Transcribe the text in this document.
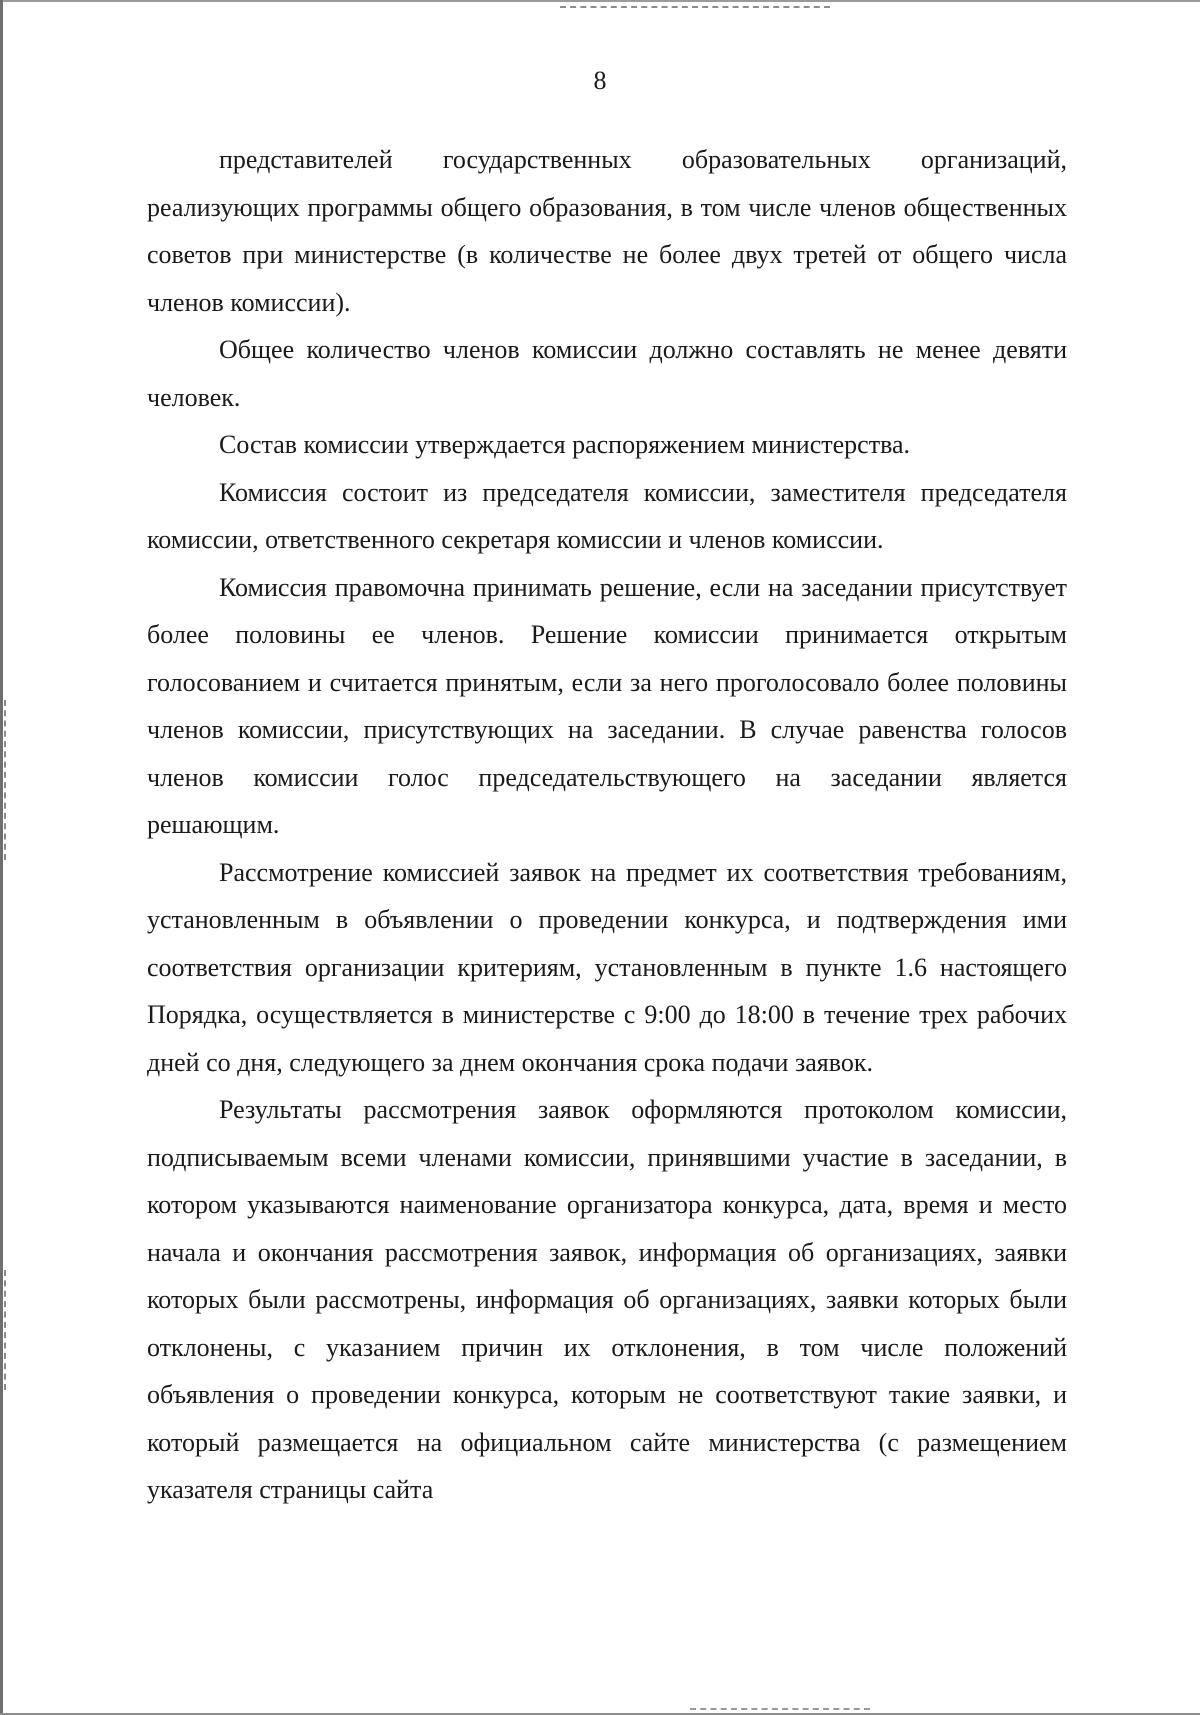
8

представителей государственных образовательных организаций, реализующих программы общего образования, в том числе членов общественных советов при министерстве (в количестве не более двух третей от общего числа членов комиссии).

Общее количество членов комиссии должно составлять не менее девяти человек.

Состав комиссии утверждается распоряжением министерства.

Комиссия состоит из председателя комиссии, заместителя председателя комиссии, ответственного секретаря комиссии и членов комиссии.

Комиссия правомочна принимать решение, если на заседании присутствует более половины ее членов. Решение комиссии принимается открытым голосованием и считается принятым, если за него проголосовало более половины членов комиссии, присутствующих на заседании. В случае равенства голосов членов комиссии голос председательствующего на заседании является решающим.

Рассмотрение комиссией заявок на предмет их соответствия требованиям, установленным в объявлении о проведении конкурса, и подтверждения ими соответствия организации критериям, установленным в пункте 1.6 настоящего Порядка, осуществляется в министерстве с 9:00 до 18:00 в течение трех рабочих дней со дня, следующего за днем окончания срока подачи заявок.

Результаты рассмотрения заявок оформляются протоколом комиссии, подписываемым всеми членами комиссии, принявшими участие в заседании, в котором указываются наименование организатора конкурса, дата, время и место начала и окончания рассмотрения заявок, информация об организациях, заявки которых были рассмотрены, информация об организациях, заявки которых были отклонены, с указанием причин их отклонения, в том числе положений объявления о проведении конкурса, которым не соответствуют такие заявки, и который размещается на официальном сайте министерства (с размещением указателя страницы сайта
